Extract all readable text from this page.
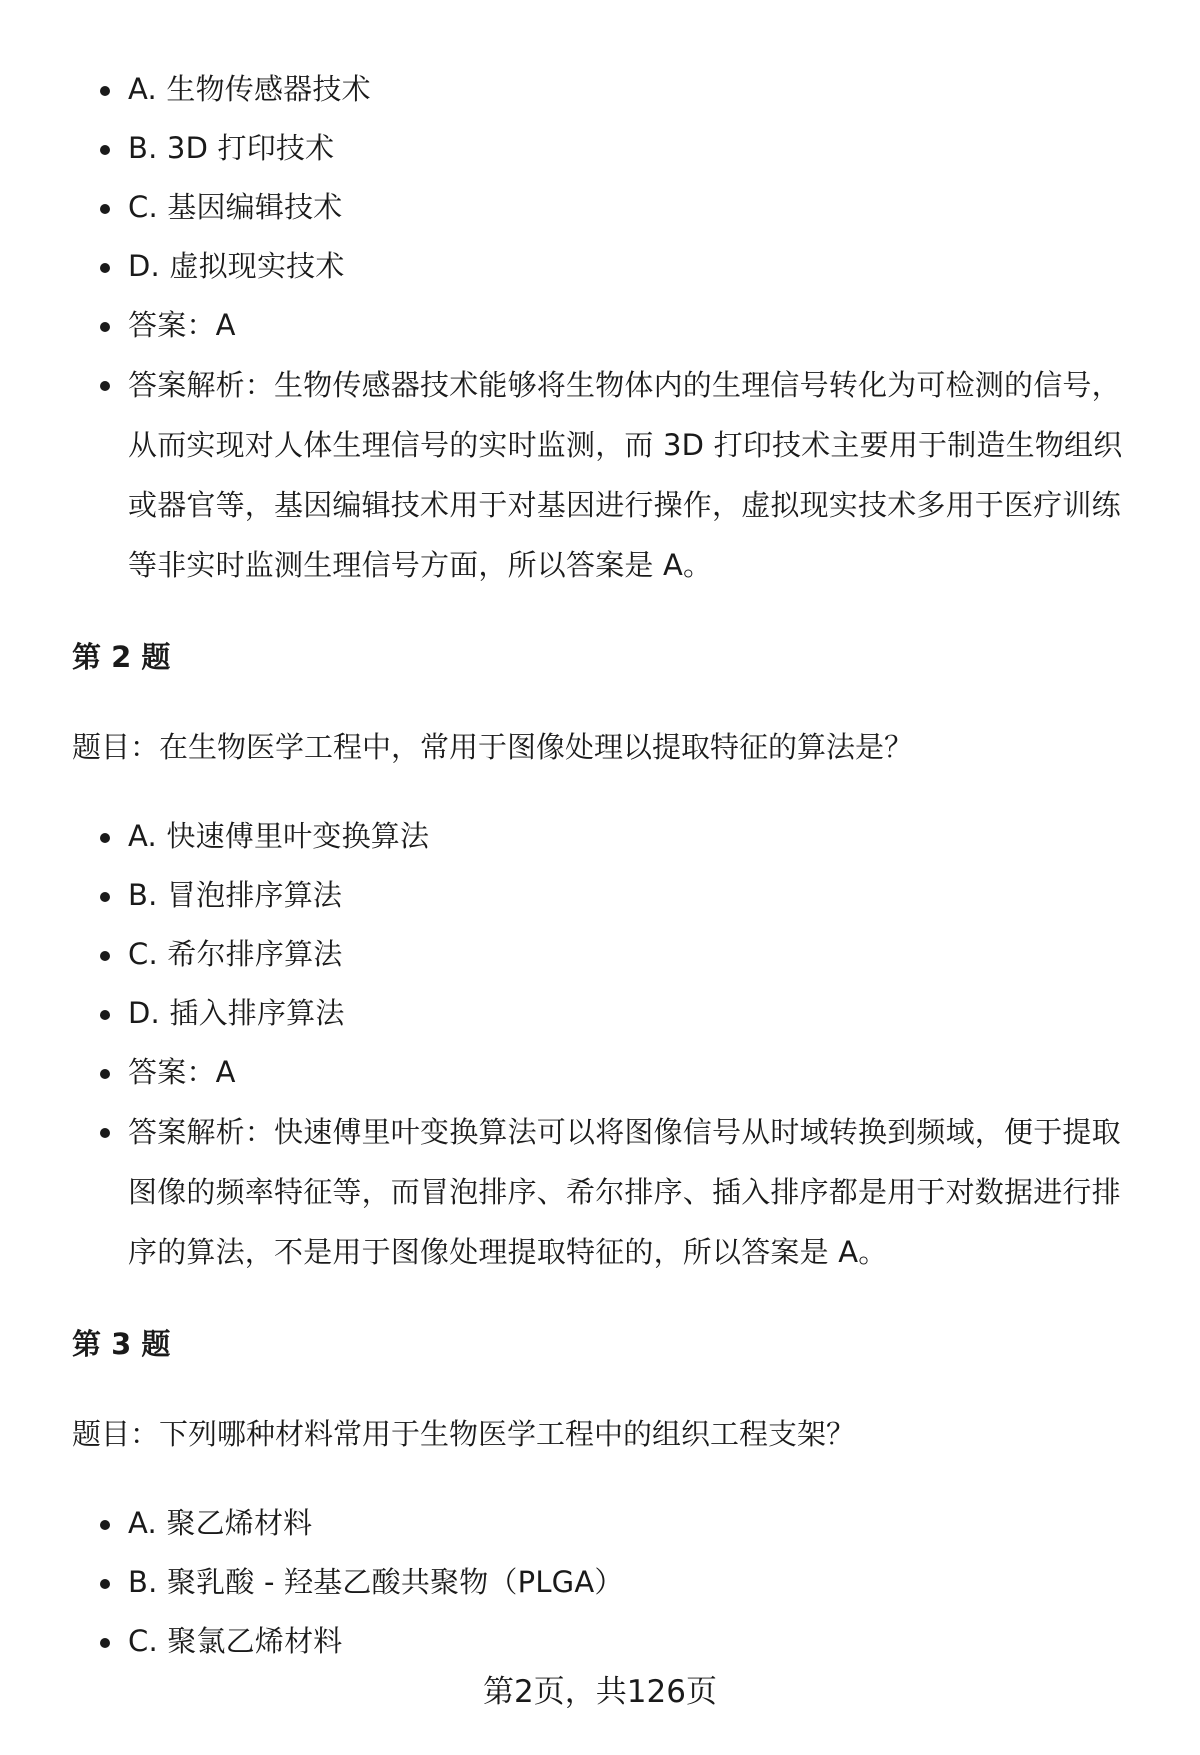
A. 生物传感器技术
B. 3D 打印技术
C. 基因编辑技术
D. 虚拟现实技术
答案：A
答案解析：生物传感器技术能够将生物体内的生理信号转化为可检测的信号，从而实现对人体生理信号的实时监测，而 3D 打印技术主要用于制造生物组织或器官等，基因编辑技术用于对基因进行操作，虚拟现实技术多用于医疗训练等非实时监测生理信号方面，所以答案是 A。

第 2 题

题目：在生物医学工程中，常用于图像处理以提取特征的算法是？

A. 快速傅里叶变换算法
B. 冒泡排序算法
C. 希尔排序算法
D. 插入排序算法
答案：A
答案解析：快速傅里叶变换算法可以将图像信号从时域转换到频域，便于提取图像的频率特征等，而冒泡排序、希尔排序、插入排序都是用于对数据进行排序的算法，不是用于图像处理提取特征的，所以答案是 A。

第 3 题

题目：下列哪种材料常用于生物医学工程中的组织工程支架？

A. 聚乙烯材料
B. 聚乳酸 - 羟基乙酸共聚物（PLGA）
C. 聚氯乙烯材料
第2页，共126页
